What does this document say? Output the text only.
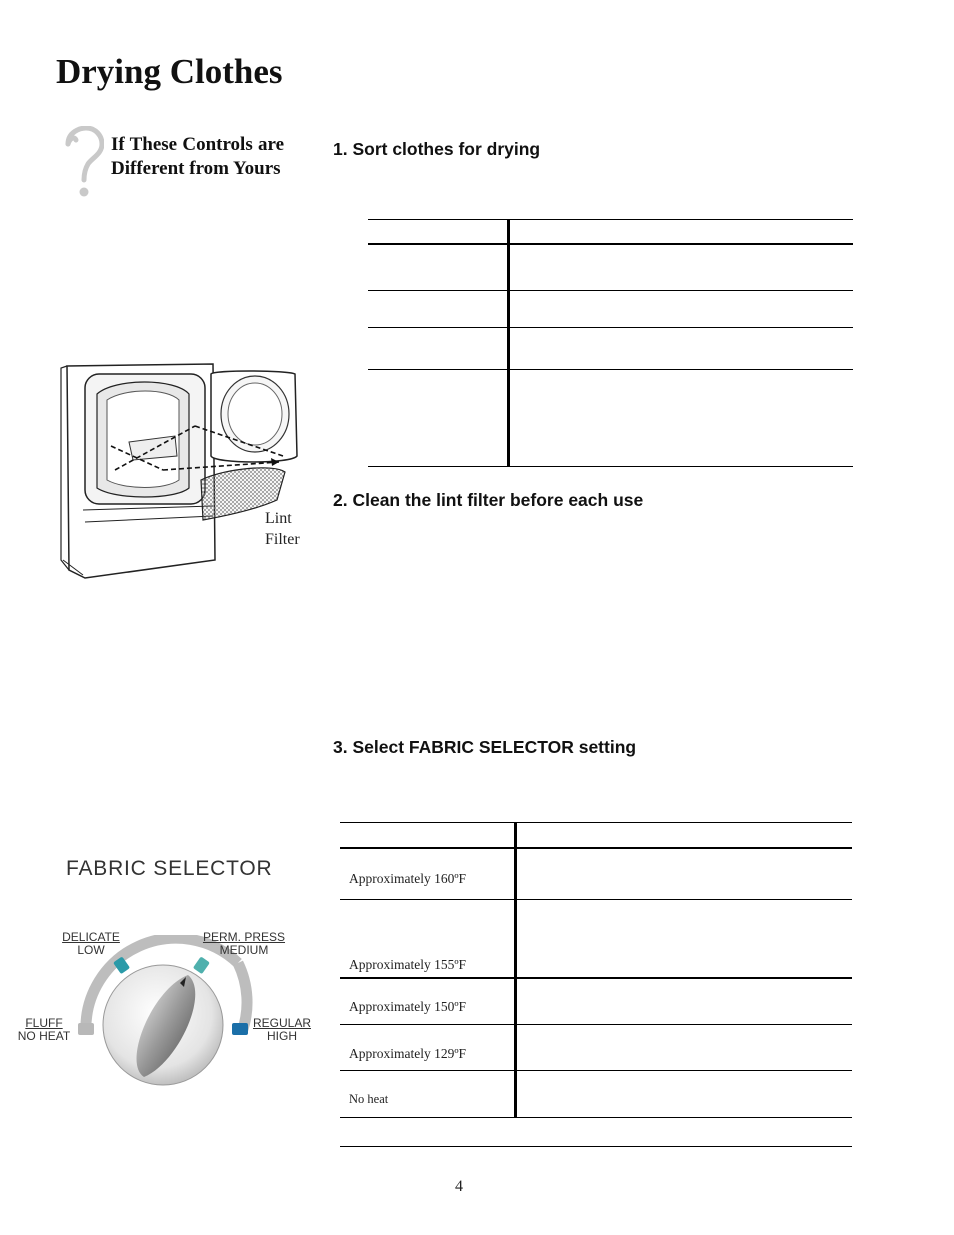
Drying Clothes
If These Controls are Different from Yours
1. Sort clothes for drying
2. Clean the lint filter before each use
3. Select FABRIC SELECTOR setting
Lint
Filter
FABRIC SELECTOR
DELICATE
LOW
PERM. PRESS
MEDIUM
REGULAR
HIGH
FLUFF
NO HEAT
Approximately 160ºF
Approximately 155ºF
Approximately 150ºF
Approximately 129ºF
No heat
4
